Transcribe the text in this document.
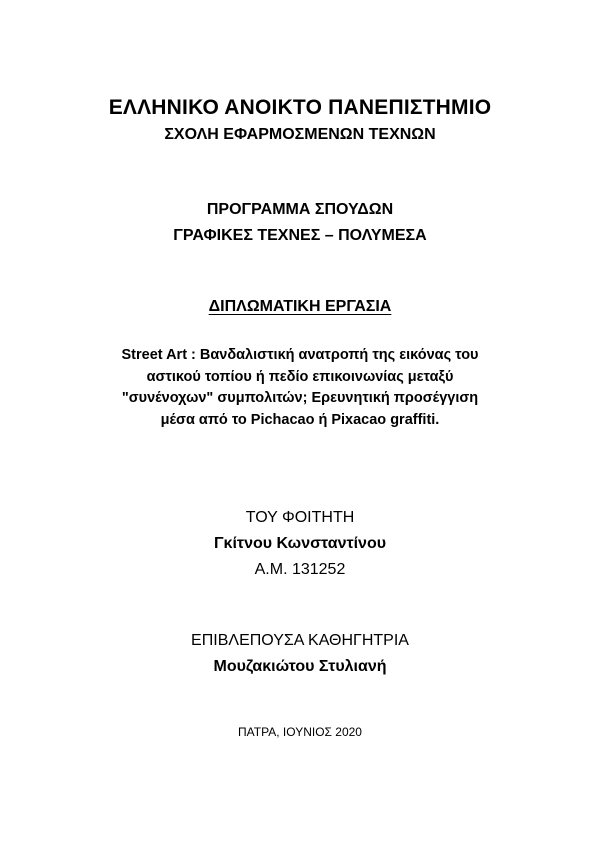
ΕΛΛΗΝΙΚΟ ΑΝΟΙΚΤΟ ΠΑΝΕΠΙΣΤΗΜΙΟ
ΣΧΟΛΗ ΕΦΑΡΜΟΣΜΕΝΩΝ ΤΕΧΝΩΝ
ΠΡΟΓΡΑΜΜΑ ΣΠΟΥΔΩΝ
ΓΡΑΦΙΚΕΣ ΤΕΧΝΕΣ – ΠΟΛΥΜΕΣΑ
ΔΙΠΛΩΜΑΤΙΚΗ ΕΡΓΑΣΙΑ
Street Art : Βανδαλιστική ανατροπή της εικόνας του
αστικού τοπίου ή πεδίο επικοινωνίας μεταξύ
"συνένοχων" συμπολιτών; Ερευνητική προσέγγιση
μέσα από το Pichacao ή Pixacao graffiti.
ΤΟΥ ΦΟΙΤΗΤΗ
Γκίτνου Κωνσταντίνου
Α.Μ. 131252
ΕΠΙΒΛΕΠΟΥΣΑ ΚΑΘΗΓΗΤΡΙΑ
Μουζακιώτου Στυλιανή
ΠΑΤΡΑ, ΙΟΥΝΙΟΣ 2020
